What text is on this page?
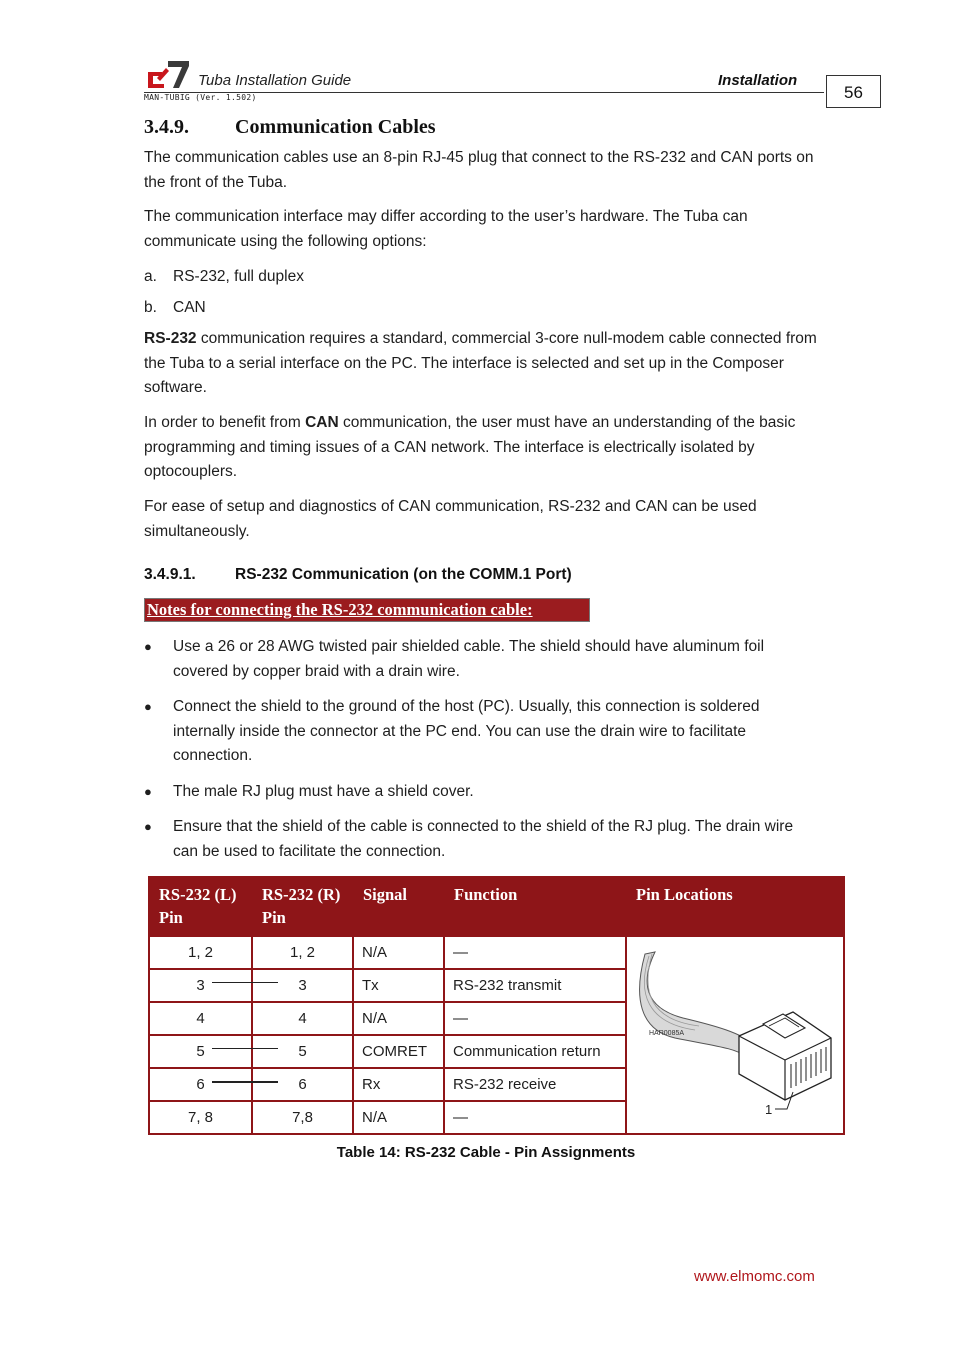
Tuba Installation Guide	Installation
MAN-TUBIG (Ver. 1.502)	56
3.4.9. Communication Cables
The communication cables use an 8-pin RJ-45 plug that connect to the RS-232 and CAN ports on the front of the Tuba.
The communication interface may differ according to the user’s hardware. The Tuba can communicate using the following options:
a. RS-232, full duplex
b. CAN
RS-232 communication requires a standard, commercial 3-core null-modem cable connected from the Tuba to a serial interface on the PC. The interface is selected and set up in the Composer software.
In order to benefit from CAN communication, the user must have an understanding of the basic programming and timing issues of a CAN network. The interface is electrically isolated by optocouplers.
For ease of setup and diagnostics of CAN communication, RS-232 and CAN can be used simultaneously.
3.4.9.1.	RS-232 Communication (on the COMM.1 Port)
Notes for connecting the RS-232 communication cable:
● Use a 26 or 28 AWG twisted pair shielded cable. The shield should have aluminum foil covered by copper braid with a drain wire.
● Connect the shield to the ground of the host (PC). Usually, this connection is soldered internally inside the connector at the PC end. You can use the drain wire to facilitate connection.
● The male RJ plug must have a shield cover.
● Ensure that the shield of the cable is connected to the shield of the RJ plug. The drain wire can be used to facilitate the connection.
RS-232 (L) Pin	RS-232 (R) Pin	Signal	Function	Pin Locations
1, 2	1, 2	N/A	—	HAR0085A
1

3	3	Tx	RS-232 transmit	
4	4	N/A	—	
5	5	COMRET	Communication return	
6	6	Rx	RS-232 receive	
7, 8	7,8	N/A	—	
Table 14: RS-232 Cable - Pin Assignments
www.elmomc.com
